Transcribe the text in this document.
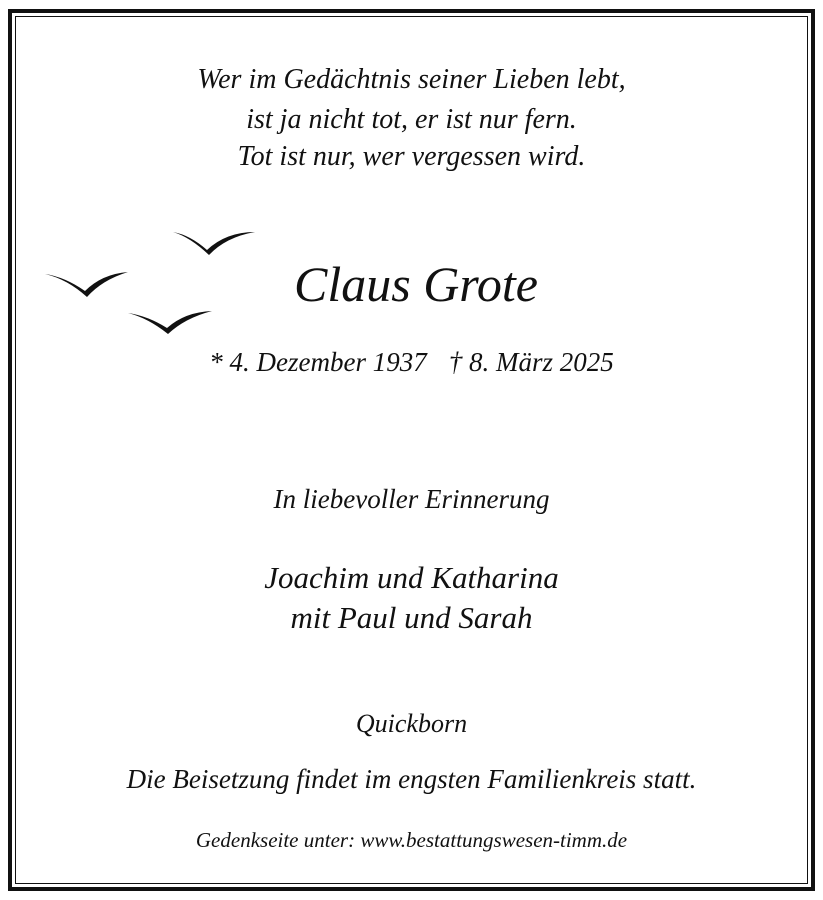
Wer im Gedächtnis seiner Lieben lebt,

ist ja nicht tot, er ist nur fern.

Tot ist nur, wer vergessen wird.

Claus Grote

* 4. Dezember 1937 † 8. März 2025

In liebevoller Erinnerung

Joachim und Katharina

mit Paul und Sarah

Quickborn

Die Beisetzung findet im engsten Familienkreis statt.

Gedenkseite unter: www.bestattungswesen-timm.de
